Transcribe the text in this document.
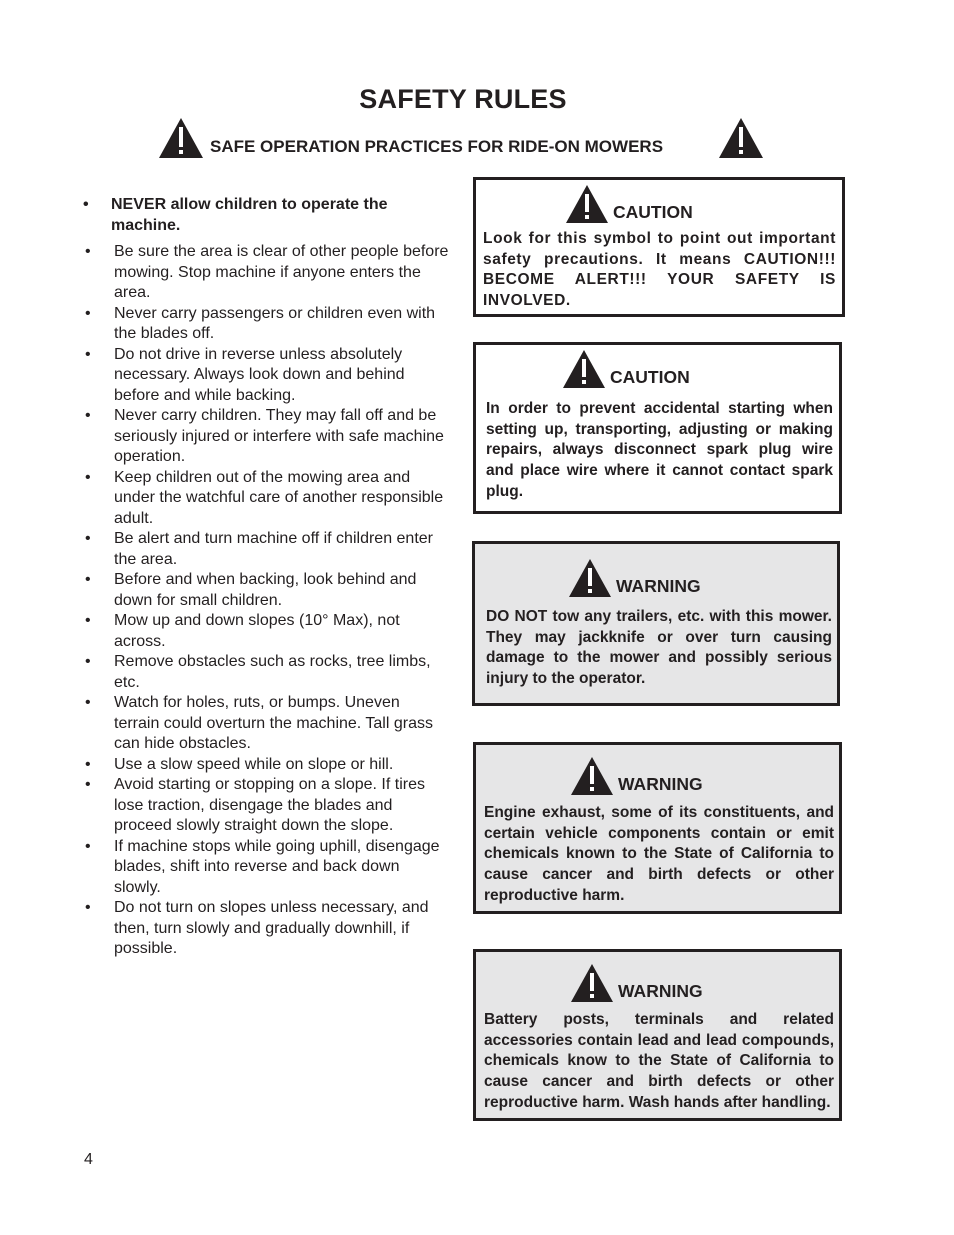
SAFETY RULES
SAFE OPERATION PRACTICES FOR RIDE-ON MOWERS
• NEVER allow children to operate the machine.
• Be sure the area is clear of other people before mowing. Stop machine if anyone enters the area.
• Never carry passengers or children even with the blades off.
• Do not drive in reverse unless absolutely necessary. Always look down and behind before and while backing.
• Never carry children. They may fall off and be seriously injured or interfere with safe machine operation.
• Keep children out of the mowing area and under the watchful care of another responsible adult.
• Be alert and turn machine off if children enter the area.
• Before and when backing, look behind and down for small children.
• Mow up and down slopes (10° Max), not across.
• Remove obstacles such as rocks, tree limbs, etc.
• Watch for holes, ruts, or bumps. Uneven terrain could overturn the machine. Tall grass can hide obstacles.
• Use a slow speed while on slope or hill.
• Avoid starting or stopping on a slope. If tires lose traction, disengage the blades and proceed slowly straight down the slope.
• If machine stops while going uphill, disengage blades, shift into reverse and back down slowly.
• Do not turn on slopes unless necessary, and then, turn slowly and gradually downhill, if possible.
CAUTION
Look for this symbol to point out important safety precautions. It means CAUTION!!! BECOME ALERT!!! YOUR SAFETY IS INVOLVED.
CAUTION
In order to prevent accidental starting when setting up, transporting, adjusting or making repairs, always disconnect spark plug wire and place wire where it cannot contact spark plug.
WARNING
DO NOT tow any trailers, etc. with this mower. They may jackknife or over turn causing damage to the mower and possibly serious injury to the operator.
WARNING
Engine exhaust, some of its constituents, and certain vehicle components contain or emit chemicals known to the State of California to cause cancer and birth defects or other reproductive harm.
WARNING
Battery posts, terminals and related accessories contain lead and lead compounds, chemicals know to the State of California to cause cancer and birth defects or other reproductive harm. Wash hands after handling.
4
